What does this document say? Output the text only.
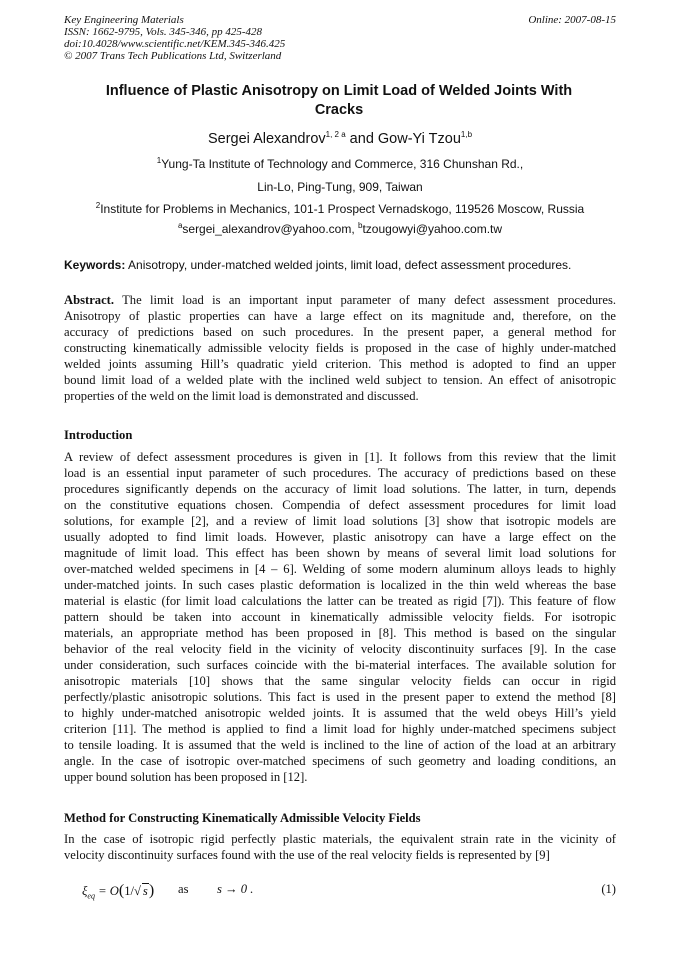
Key Engineering Materials
ISSN: 1662-9795, Vols. 345-346, pp 425-428
doi:10.4028/www.scientific.net/KEM.345-346.425
© 2007 Trans Tech Publications Ltd, Switzerland
Online: 2007-08-15
Influence of Plastic Anisotropy on Limit Load of Welded Joints With
Cracks
Sergei Alexandrov$^{1, 2 a}$ and Gow-Yi Tzou$^{1,b}$
$^1$Yung-Ta Institute of Technology and Commerce, 316 Chunshan Rd.,
Lin-Lo, Ping-Tung, 909, Taiwan
$^2$Institute for Problems in Mechanics, 101-1 Prospect Vernadskogo, 119526 Moscow, Russia
$^a$sergei_alexandrov@yahoo.com, $^b$tzougowyi@yahoo.com.tw
Keywords: Anisotropy, under-matched welded joints, limit load, defect assessment procedures.
Abstract. The limit load is an important input parameter of many defect assessment procedures.
Anisotropy of plastic properties can have a large effect on its magnitude and, therefore, on the
accuracy of predictions based on such procedures. In the present paper, a general method for
constructing kinematically admissible velocity fields is proposed in the case of highly under-matched
welded joints assuming Hill’s quadratic yield criterion. This method is adopted to find an upper
bound limit load of a welded plate with the inclined weld subject to tension. An effect of anisotropic
properties of the weld on the limit load is demonstrated and discussed.
Introduction
A review of defect assessment procedures is given in [1]. It follows from this review that the limit
load is an essential input parameter of such procedures. The accuracy of predictions based on these
procedures significantly depends on the accuracy of limit load solutions. The latter, in turn, depends
on the constitutive equations chosen. Compendia of defect assessment procedures for limit load
solutions, for example [2], and a review of limit load solutions [3] show that isotropic models are
usually adopted to find limit loads. However, plastic anisotropy can have a large effect on the
magnitude of limit load. This effect has been shown by means of several limit load solutions for
over-matched welded specimens in [4 – 6]. Welding of some modern aluminum alloys leads to highly
under-matched joints. In such cases plastic deformation is localized in the thin weld whereas the base
material is elastic (for limit load calculations the latter can be treated as rigid [7]). This feature of flow
pattern should be taken into account in kinematically admissible velocity fields. For isotropic
materials, an appropriate method has been proposed in [8]. This method is based on the singular
behavior of the real velocity field in the vicinity of velocity discontinuity surfaces [9]. In the case
under consideration, such surfaces coincide with the bi-material interfaces. The available solution for
anisotropic materials [10] shows that the same singular velocity fields can occur in rigid
perfectly/plastic anisotropic solutions. This fact is used in the present paper to extend the method [8]
to highly under-matched anisotropic welded joints. It is assumed that the weld obeys Hill’s yield
criterion [11]. The method is applied to find a limit load for highly under-matched specimens subject
to tensile loading. It is assumed that the weld is inclined to the line of action of the load at an arbitrary
angle. In the case of isotropic over-matched specimens of such geometry and loading conditions, an
upper bound solution has been proposed in [12].
Method for Constructing Kinematically Admissible Velocity Fields
In the case of isotropic rigid perfectly plastic materials, the equivalent strain rate in the vicinity of
velocity discontinuity surfaces found with the use of the real velocity fields is represented by [9]
$\xi_{eq} = O(1/√$ s) as s → 0 .	(1)
